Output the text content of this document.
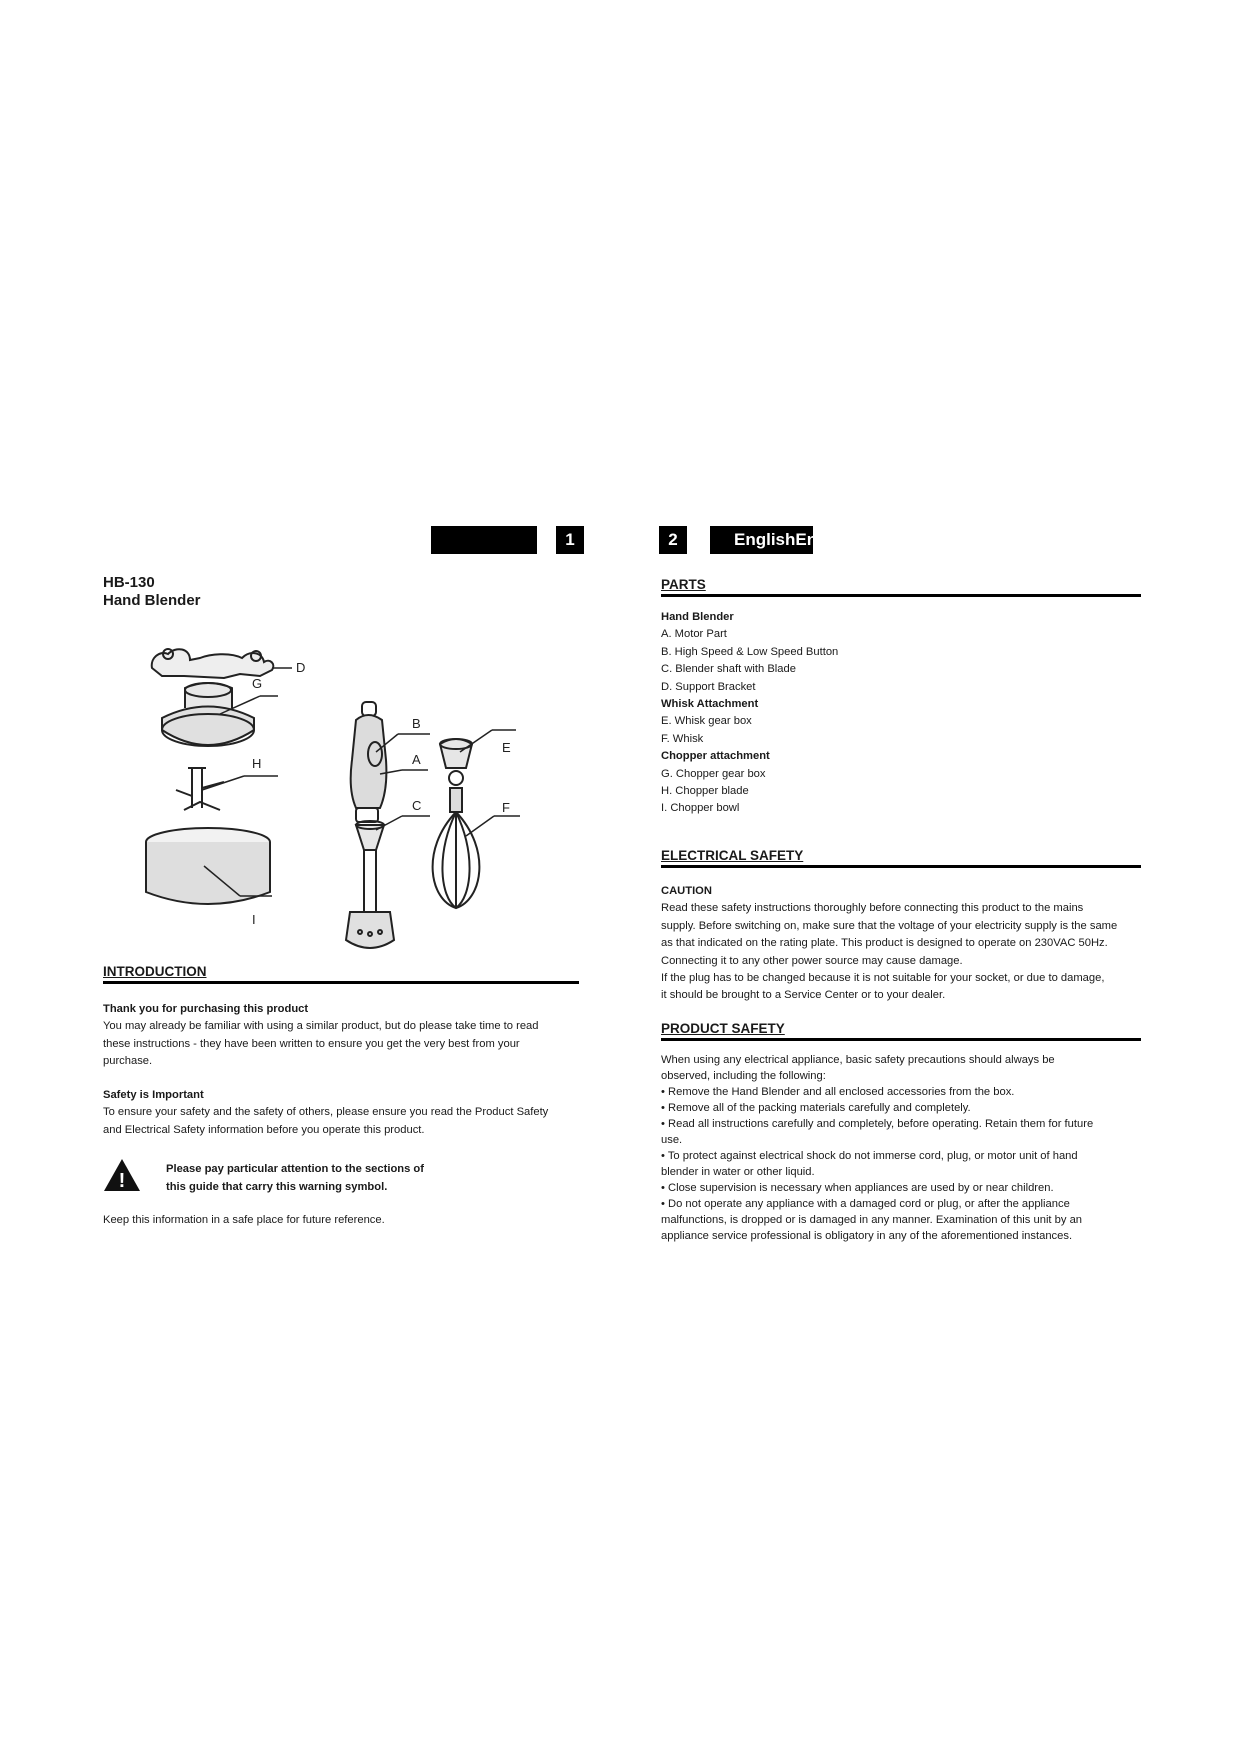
1	2	EnglishEng
HB-130
Hand Blender
D
G
H
I
B
A
C
E
F
INTRODUCTION
Thank you for purchasing this product
You may already be familiar with using a similar product, but do please take time to read
these instructions - they have been written to ensure you get the very best from your
purchase.
Safety is Important
To ensure your safety and the safety of others, please ensure you read the Product Safety
and Electrical Safety information before you operate this product.
!
Please pay particular attention to the sections of
this guide that carry this warning symbol.
Keep this information in a safe place for future reference.
PARTS
Hand Blender
A. Motor Part
B. High Speed & Low Speed Button
C. Blender shaft with Blade
D. Support Bracket
Whisk Attachment
E. Whisk gear box
F. Whisk
Chopper attachment
G. Chopper gear box
H. Chopper blade
I. Chopper bowl
ELECTRICAL SAFETY
CAUTION
Read these safety instructions thoroughly before connecting this product to the mains
supply. Before switching on, make sure that the voltage of your electricity supply is the same
as that indicated on the rating plate. This product is designed to operate on 230VAC 50Hz.
Connecting it to any other power source may cause damage.
If the plug has to be changed because it is not suitable for your socket, or due to damage,
it should be brought to a Service Center or to your dealer.
PRODUCT SAFETY
When using any electrical appliance, basic safety precautions should always be
observed, including the following:
• Remove the Hand Blender and all enclosed accessories from the box.
• Remove all of the packing materials carefully and completely.
• Read all instructions carefully and completely, before operating. Retain them for future
use.
• To protect against electrical shock do not immerse cord, plug, or motor unit of hand
blender in water or other liquid.
• Close supervision is necessary when appliances are used by or near children.
• Do not operate any appliance with a damaged cord or plug, or after the appliance
malfunctions, is dropped or is damaged in any manner. Examination of this unit by an
appliance service professional is obligatory in any of the aforementioned instances.
